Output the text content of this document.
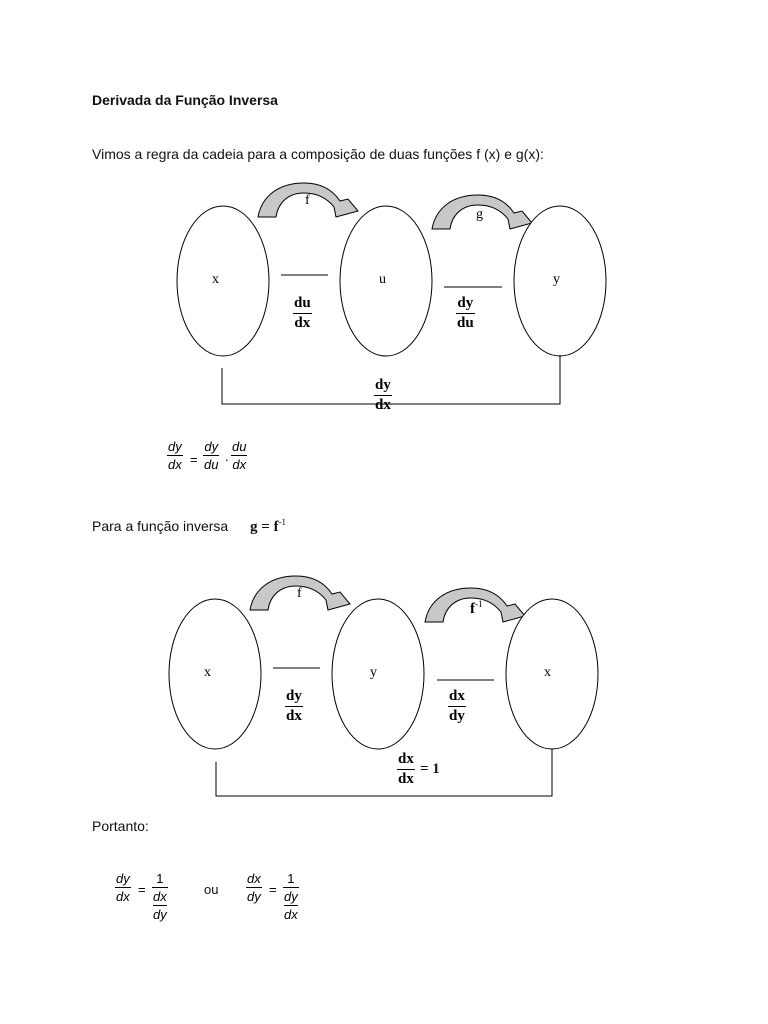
Derivada da Função Inversa
Vimos a regra da cadeia para a composição de duas funções f (x) e g(x):
x	u	y
f
g
du
dx
dy
du
dy
dx
dy
dx =
dy
du
.
du
dx
Para a função inversa $g = f^{-1}$
x	y	x
f
$f^{-1}$
dy
dx
dx
dy
dx
dx
= 1
Portanto:
dy
dx =
1
dx
dy
ou
dx
dy =
1
dy
dx
